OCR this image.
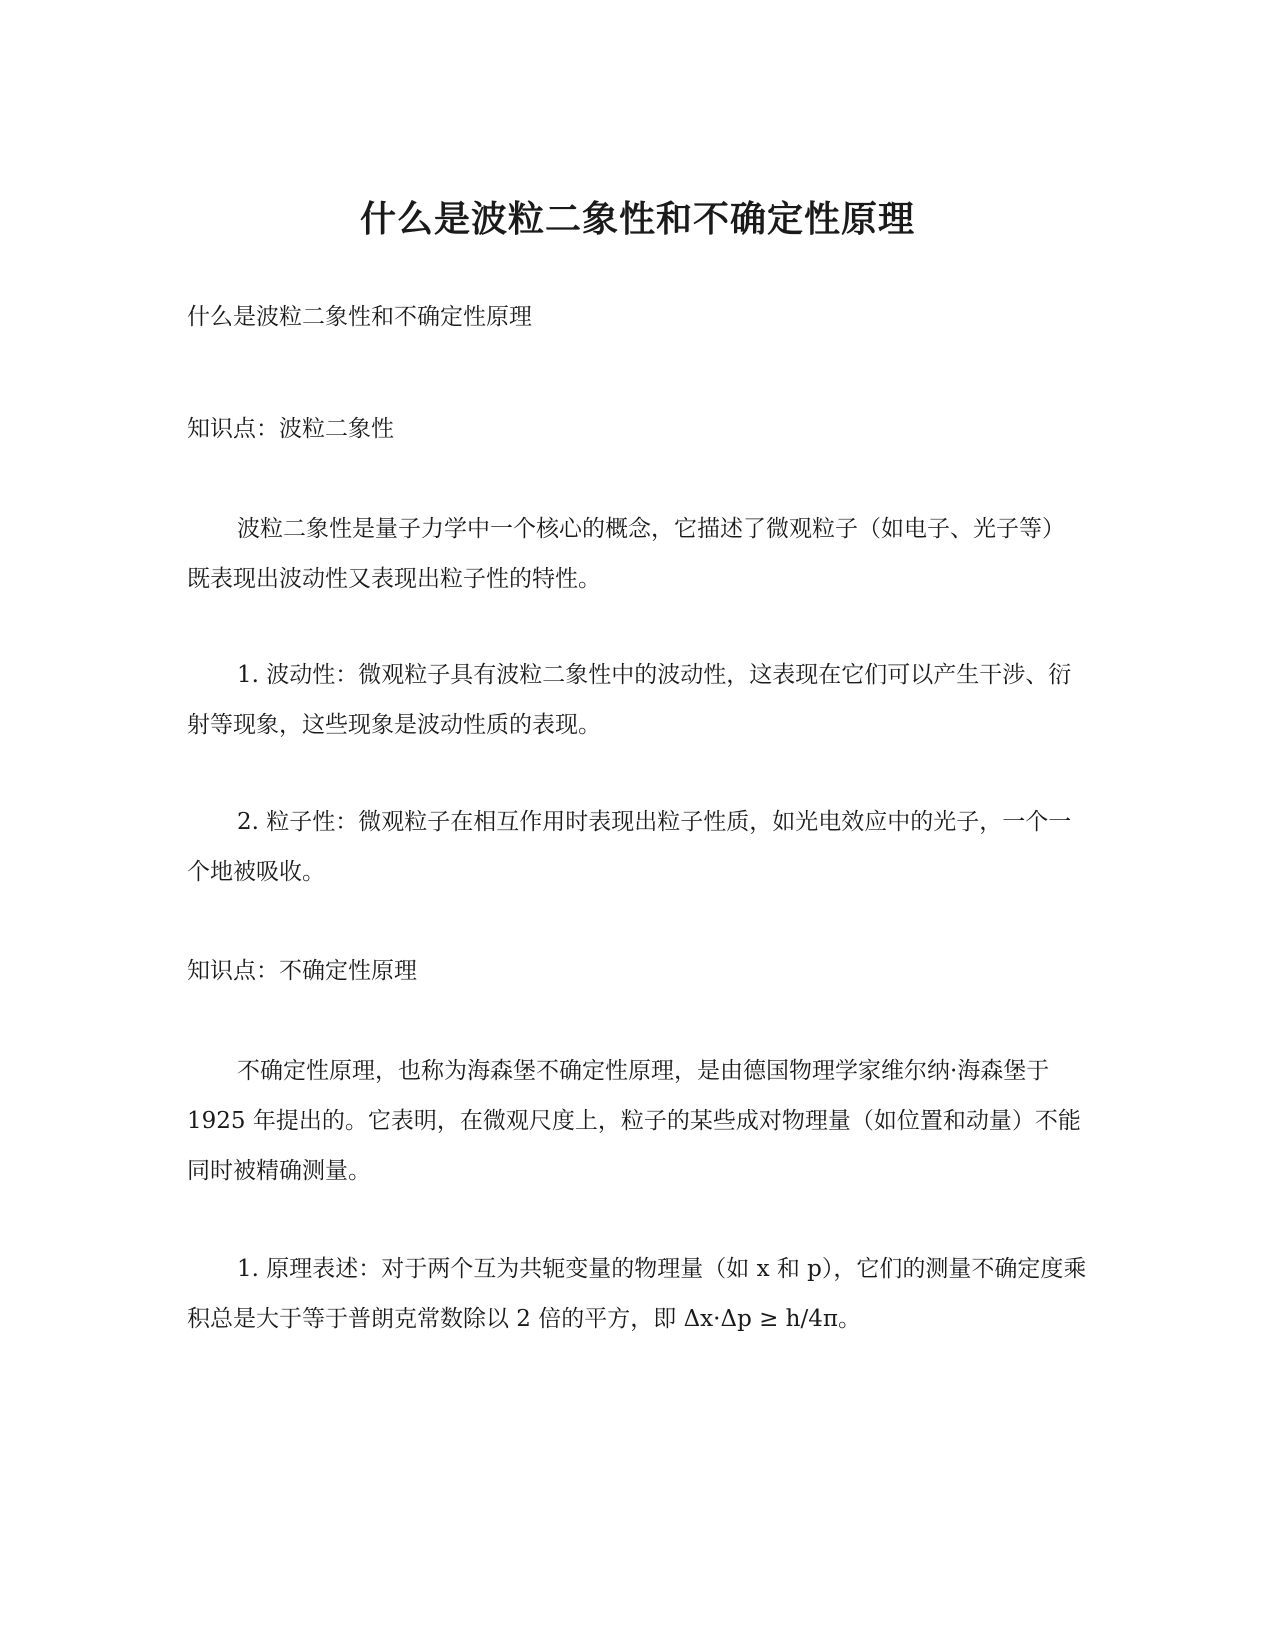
什么是波粒二象性和不确定性原理

什么是波粒二象性和不确定性原理

知识点：波粒二象性

波粒二象性是量子力学中一个核心的概念，它描述了微观粒子（如电子、光子等）既表现出波动性又表现出粒子性的特性。

1. 波动性：微观粒子具有波粒二象性中的波动性，这表现在它们可以产生干涉、衍射等现象，这些现象是波动性质的表现。

2. 粒子性：微观粒子在相互作用时表现出粒子性质，如光电效应中的光子，一个一个地被吸收。

知识点：不确定性原理

不确定性原理，也称为海森堡不确定性原理，是由德国物理学家维尔纳·海森堡于 1925 年提出的。它表明，在微观尺度上，粒子的某些成对物理量（如位置和动量）不能同时被精确测量。

1. 原理表述：对于两个互为共轭变量的物理量（如 x 和 p），它们的测量不确定度乘积总是大于等于普朗克常数除以 2 倍的平方，即 Δx·Δp ≥ h/4π。
